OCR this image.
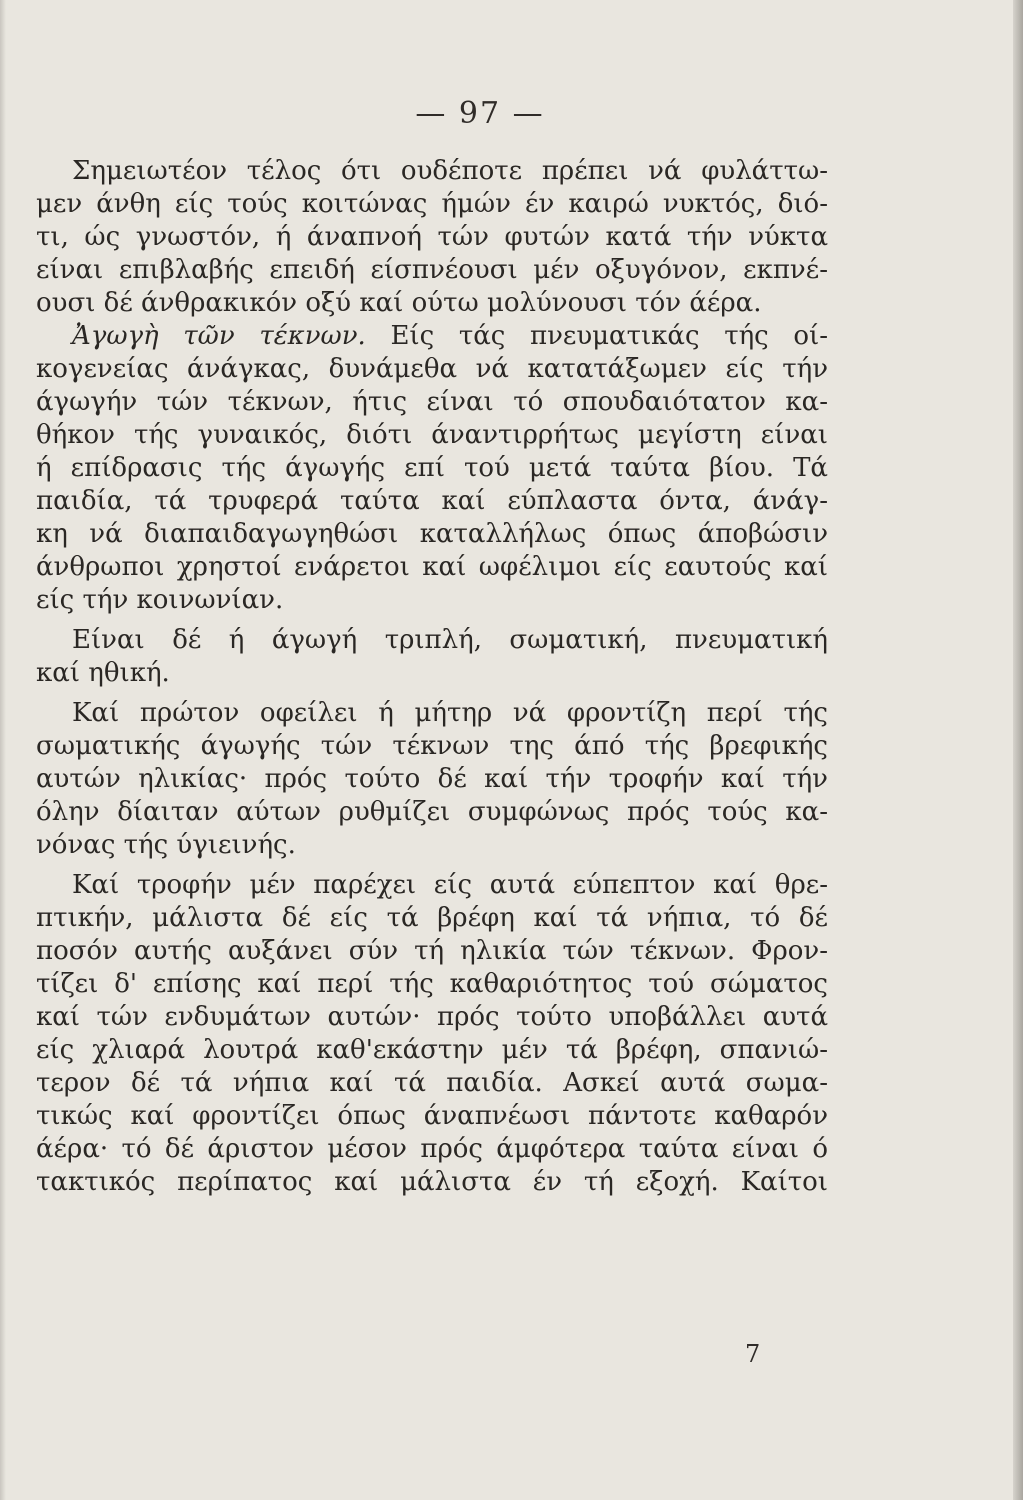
— 97 —
Σημειωτέον τέλος ότι ουδέποτε πρέπει νά φυλάττω-
μεν άνθη είς τούς κοιτώνας ήμών έν καιρώ νυκτός, διό-
τι, ώς γνωστόν, ή άναπνοή τών φυτών κατά τήν νύκτα
είναι επιβλαβής επειδή είσπνέουσι μέν οξυγόνον, εκπνέ-
ουσι δέ άνθρακικόν οξύ καί ούτω μολύνουσι τόν άέρα.
Ἀγωγὴ τῶν τέκνων. Είς τάς πνευματικάς τής οί-
κογενείας άνάγκας, δυνάμεθα νά κατατάξωμεν είς τήν
άγωγήν τών τέκνων, ήτις είναι τό σπουδαιότατον κα-
θήκον τής γυναικός, διότι άναντιρρήτως μεγίστη είναι
ή επίδρασις τής άγωγής επί τού μετά ταύτα βίου. Τά
παιδία, τά τρυφερά ταύτα καί εύπλαστα όντα, άνάγ-
κη νά διαπαιδαγωγηθώσι καταλλήλως όπως άποβώσιν
άνθρωποι χρηστοί ενάρετοι καί ωφέλιμοι είς εαυτούς καί
είς τήν κοινωνίαν.
Είναι δέ ή άγωγή τριπλή, σωματική, πνευματική
καί ηθική.
Καί πρώτον οφείλει ή μήτηρ νά φροντίζη περί τής
σωματικής άγωγής τών τέκνων της άπό τής βρεφικής
αυτών ηλικίας· πρός τούτο δέ καί τήν τροφήν καί τήν
όλην δίαιταν αύτων ρυθμίζει συμφώνως πρός τούς κα-
νόνας τής ύγιεινής.
Καί τροφήν μέν παρέχει είς αυτά εύπεπτον καί θρε-
πτικήν, μάλιστα δέ είς τά βρέφη καί τά νήπια, τό δέ
ποσόν αυτής αυξάνει σύν τή ηλικία τών τέκνων. Φρον-
τίζει δ' επίσης καί περί τής καθαριότητος τού σώματος
καί τών ενδυμάτων αυτών· πρός τούτο υποβάλλει αυτά
είς χλιαρά λουτρά καθ'εκάστην μέν τά βρέφη, σπανιώ-
τερον δέ τά νήπια καί τά παιδία. Ασκεί αυτά σωμα-
τικώς καί φροντίζει όπως άναπνέωσι πάντοτε καθαρόν
άέρα· τό δέ άριστον μέσον πρός άμφότερα ταύτα είναι ό
τακτικός περίπατος καί μάλιστα έν τή εξοχή. Καίτοι
7
